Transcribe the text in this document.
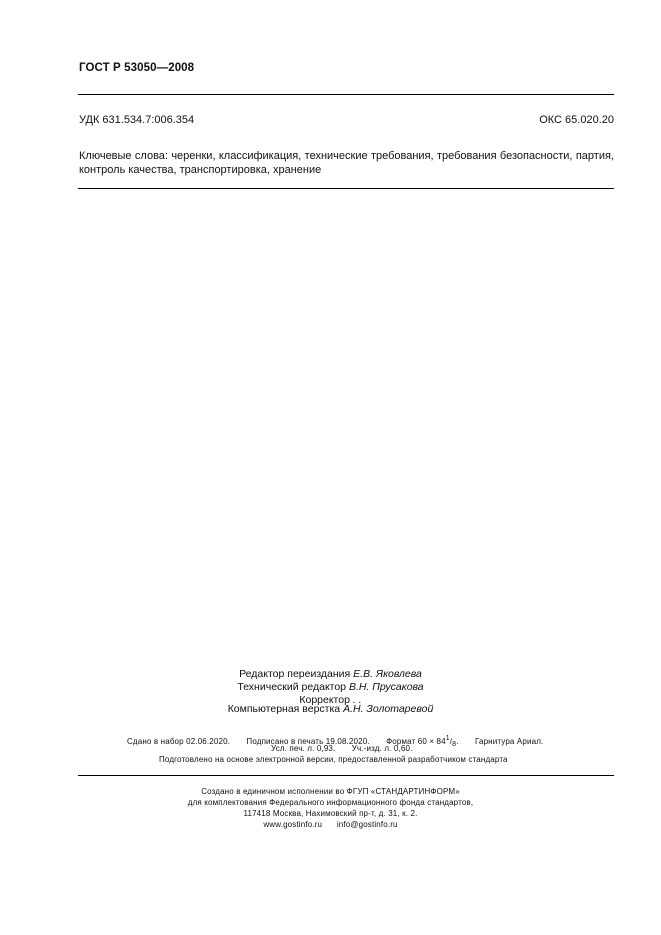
ГОСТ Р 53050—2008
УДК 631.534.7:006.354	ОКС 65.020.20
Ключевые слова: черенки, классификация, технические требования, требования безопасности, партия, контроль качества, транспортировка, хранение
Редактор переиздания Е.В. Яковлева
Технический редактор В.Н. Прусакова
Корректор . .
Компьютерная верстка А.Н. Золотаревой
Сдано в набор 02.06.2020. Подписано в печать 19.08.2020. Формат $60 \times 84^1/_8$. Гарнитура Ариал.
Усл. печ. л. 0,93. Уч.-изд. л. 0,60.
Подготовлено на основе электронной версии, предоставленной разработчиком стандарта
Создано в единичном исполнении во ФГУП «СТАНДАРТИНФОРМ»
для комплектования Федерального информационного фонда стандартов,
117418 Москва, Нахимовский пр-т, д. 31, к. 2.
www.gostinfo.ru info@gostinfo.ru
